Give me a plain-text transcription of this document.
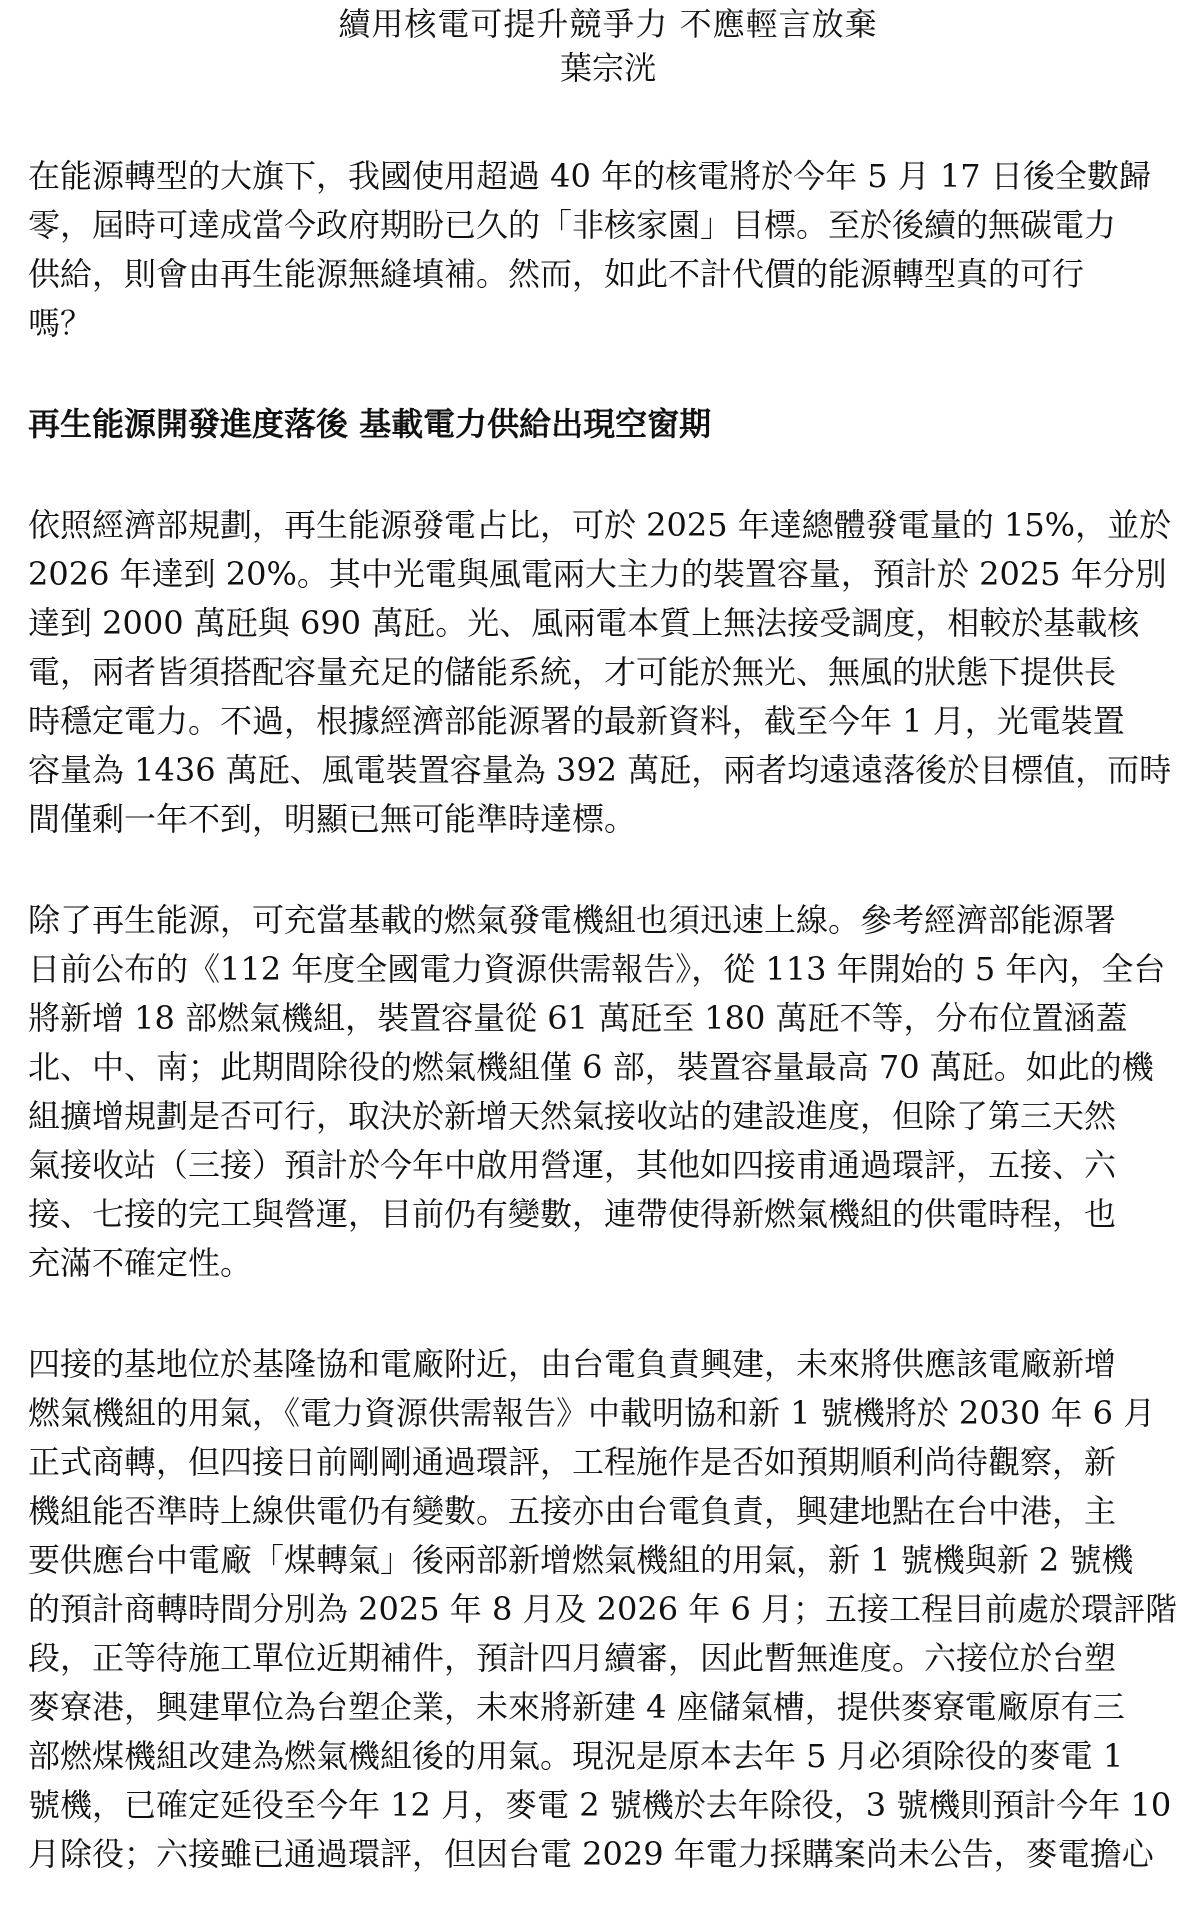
續用核電可提升競爭力 不應輕言放棄

葉宗洸

在能源轉型的大旗下，我國使用超過 40 年的核電將於今年 5 月 17 日後全數歸

零，屆時可達成當今政府期盼已久的「非核家園」目標。至於後續的無碳電力

供給，則會由再生能源無縫填補。然而，如此不計代價的能源轉型真的可行

嗎？

再生能源開發進度落後 基載電力供給出現空窗期

依照經濟部規劃，再生能源發電占比，可於 2025 年達總體發電量的 15%，並於

2026 年達到 20%。其中光電與風電兩大主力的裝置容量，預計於 2025 年分別

達到 2000 萬瓩與 690 萬瓩。光、風兩電本質上無法接受調度，相較於基載核

電，兩者皆須搭配容量充足的儲能系統，才可能於無光、無風的狀態下提供長

時穩定電力。不過，根據經濟部能源署的最新資料，截至今年 1 月，光電裝置

容量為 1436 萬瓩、風電裝置容量為 392 萬瓩，兩者均遠遠落後於目標值，而時

間僅剩一年不到，明顯已無可能準時達標。

除了再生能源，可充當基載的燃氣發電機組也須迅速上線。參考經濟部能源署

日前公布的《112 年度全國電力資源供需報告》，從 113 年開始的 5 年內，全台

將新增 18 部燃氣機組，裝置容量從 61 萬瓩至 180 萬瓩不等，分布位置涵蓋

北、中、南；此期間除役的燃氣機組僅 6 部，裝置容量最高 70 萬瓩。如此的機

組擴增規劃是否可行，取決於新增天然氣接收站的建設進度，但除了第三天然

氣接收站（三接）預計於今年中啟用營運，其他如四接甫通過環評，五接、六

接、七接的完工與營運，目前仍有變數，連帶使得新燃氣機組的供電時程，也

充滿不確定性。

四接的基地位於基隆協和電廠附近，由台電負責興建，未來將供應該電廠新增

燃氣機組的用氣，《電力資源供需報告》中載明協和新 1 號機將於 2030 年 6 月

正式商轉，但四接日前剛剛通過環評，工程施作是否如預期順利尚待觀察，新

機組能否準時上線供電仍有變數。五接亦由台電負責，興建地點在台中港，主

要供應台中電廠「煤轉氣」後兩部新增燃氣機組的用氣，新 1 號機與新 2 號機

的預計商轉時間分別為 2025 年 8 月及 2026 年 6 月；五接工程目前處於環評階

段，正等待施工單位近期補件，預計四月續審，因此暫無進度。六接位於台塑

麥寮港，興建單位為台塑企業，未來將新建 4 座儲氣槽，提供麥寮電廠原有三

部燃煤機組改建為燃氣機組後的用氣。現況是原本去年 5 月必須除役的麥電 1

號機，已確定延役至今年 12 月，麥電 2 號機於去年除役，3 號機則預計今年 10

月除役；六接雖已通過環評，但因台電 2029 年電力採購案尚未公告，麥電擔心
